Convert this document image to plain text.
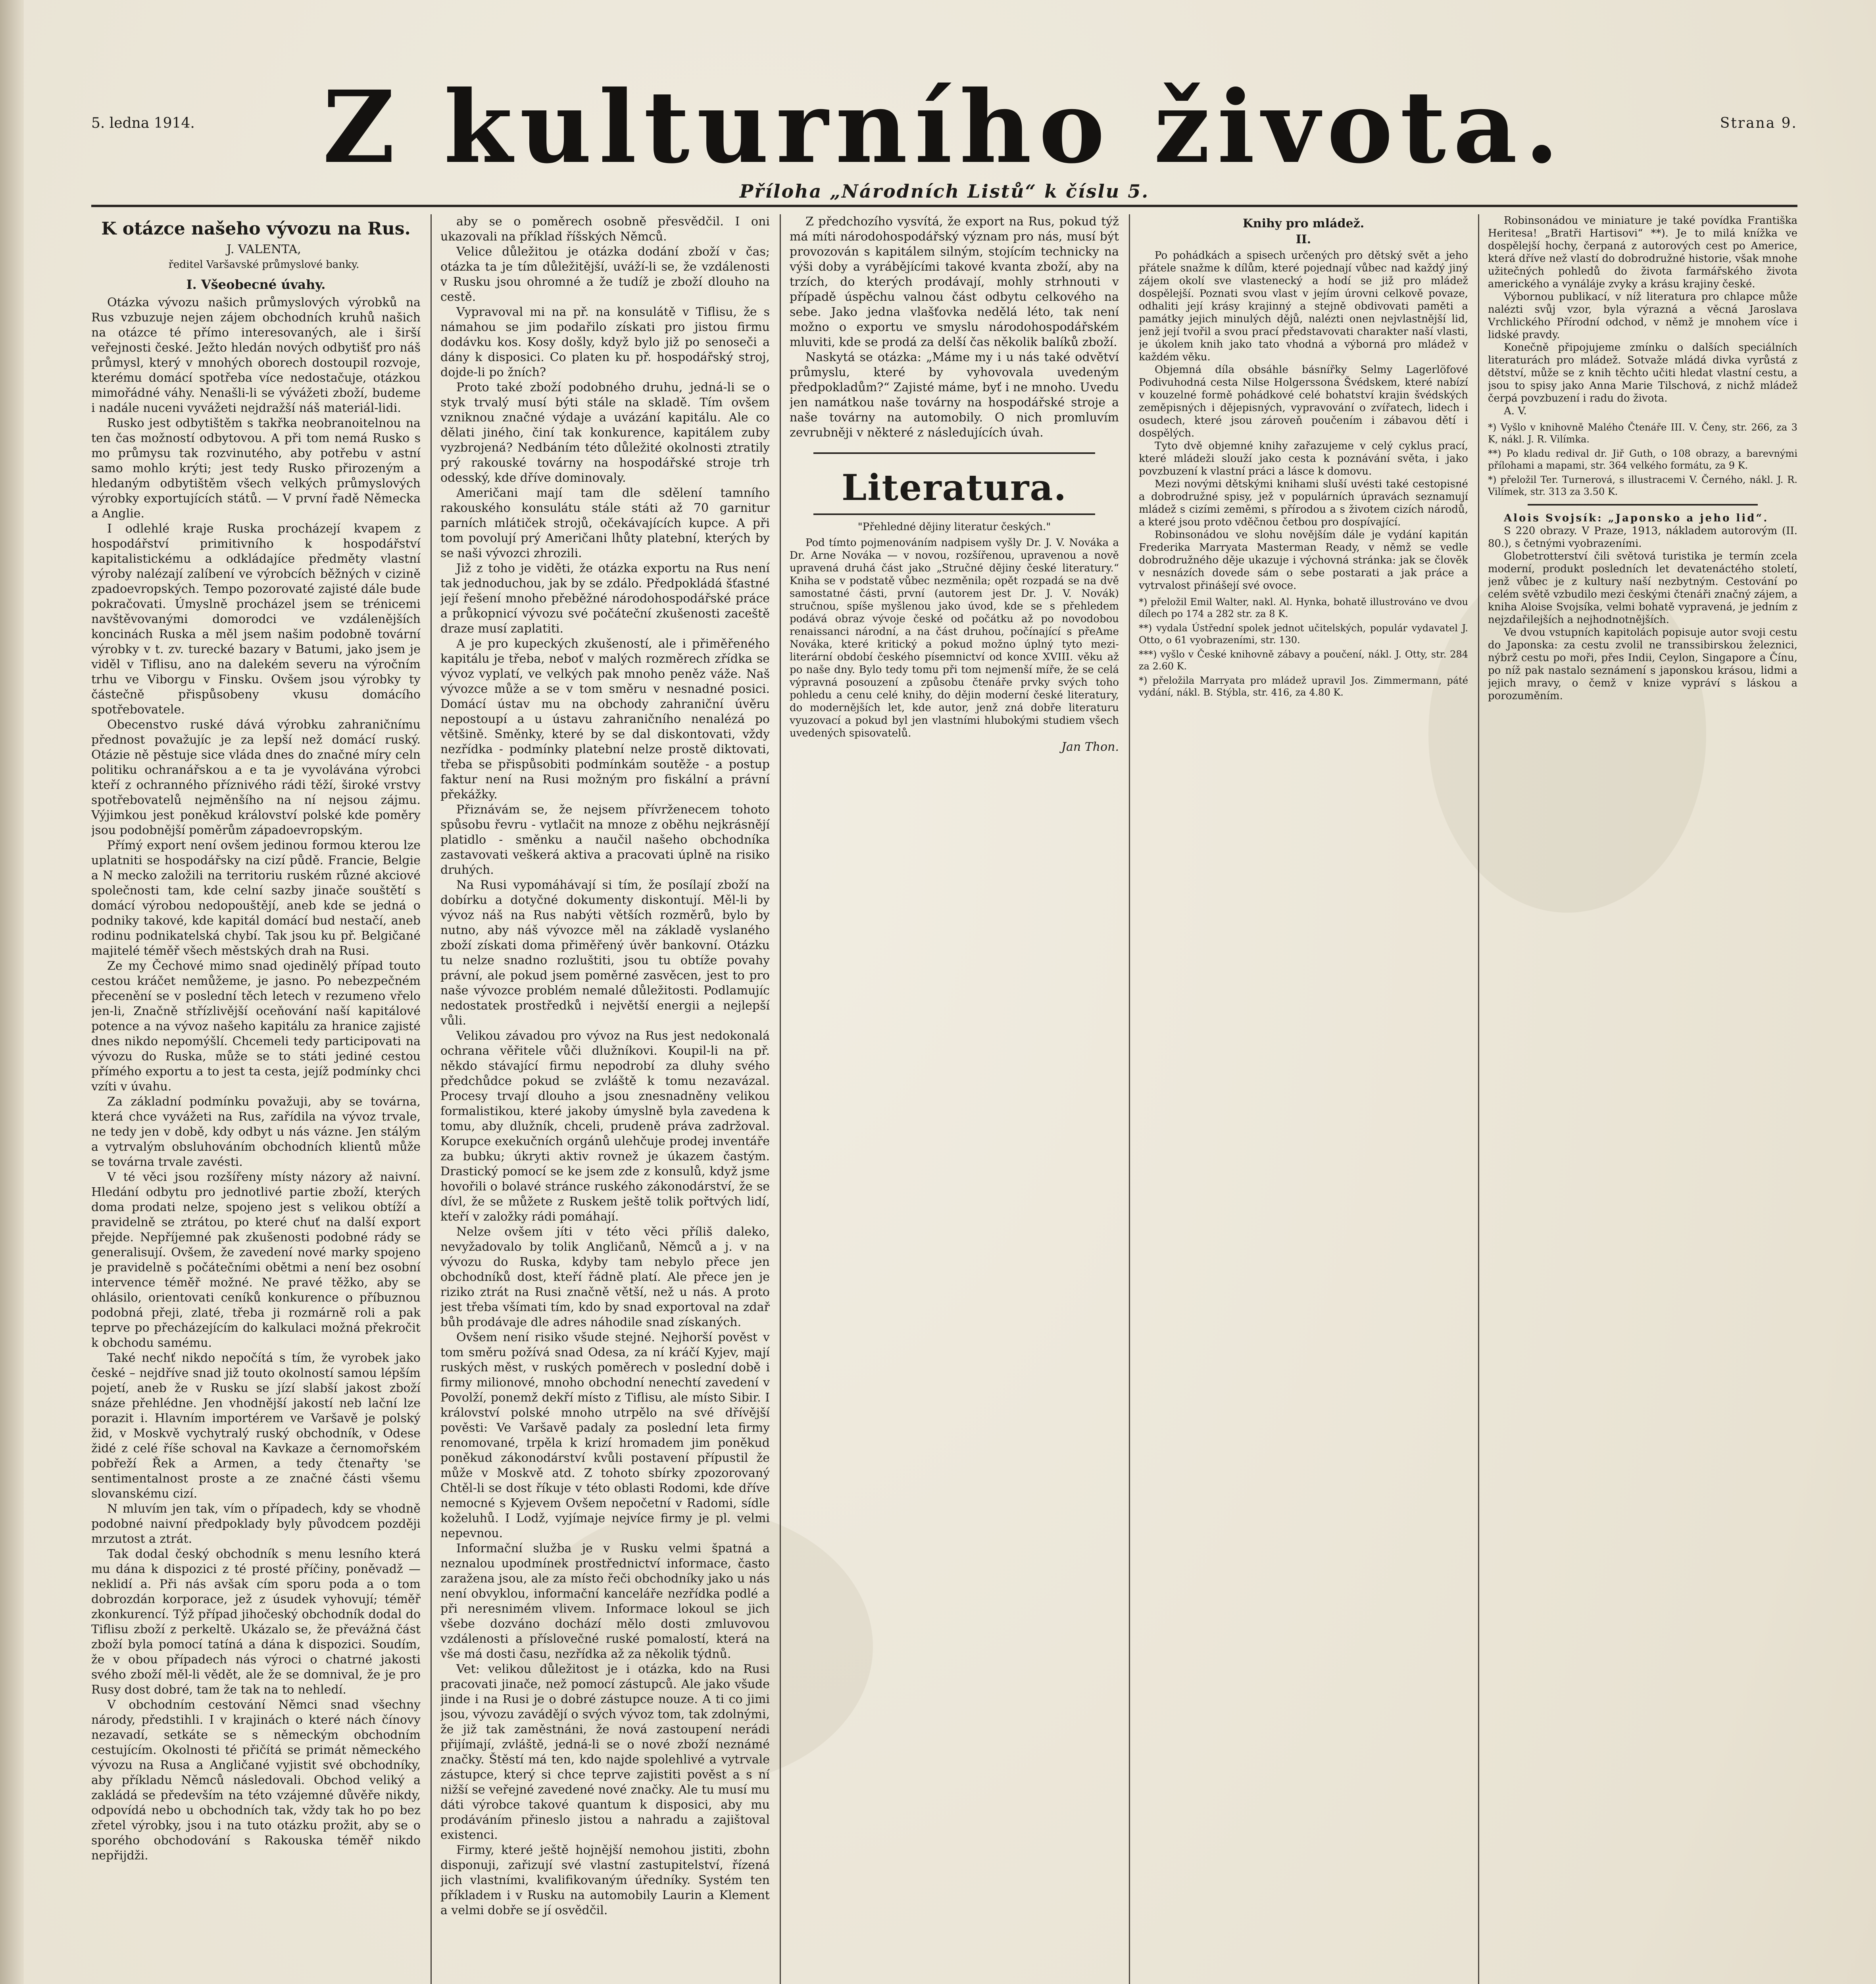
5. ledna 1914.	Z kulturního života.	Strana 9.
Příloha „Národních Listů“ k číslu 5.
K otázce našeho vývozu na Rus.

J. VALENTA,

ředitel Varšavské průmyslové banky.

I. Všeobecné úvahy.

Otázka vývozu našich průmyslových výrobků na Rus vzbuzuje nejen zájem obchodních kruhů našich na otázce té přímo interesovaných, ale i širší veřejnosti české. Ježto hledán nových odbytišť pro náš průmysl, který v mnohých oborech dostoupil rozvoje, kterému domácí spotřeba více nedostačuje, otázkou mimořádné váhy. Nenašli-li se vývážeti zboží, budeme i nadále nuceni vyvážeti nejdražší náš materiál-lidi.

Rusko jest odbytištěm s takřka neobranoitelnou na ten čas možností odbytovou. A při tom nemá Rusko s mo průmysu tak rozvinutého, aby potřebu v astní samo mohlo krýti; jest tedy Rusko přirozeným a hledaným odbytištěm všech velkých průmyslových výrobky exportujících států. — V první řadě Německa a Anglie.

I odlehlé kraje Ruska procházejí kvapem z hospodářství primitivního k hospodářství kapitalistickému a odkládajíce předměty vlastní výroby nalézají zalíbení ve výrobcích běžných v cizině zpadoevropských. Tempo pozorovaté zajisté dále bude pokračovati. Úmyslně procházel jsem se trénicemi navštěvovanými domorodci ve vzdálenějších koncinách Ruska a měl jsem našim podobně tovární výrobky v t. zv. turecké bazary v Batumi, jako jsem je viděl v Tiflisu, ano na dalekém severu na výročním trhu ve Viborgu v Finsku. Ovšem jsou výrobky ty částečně přispůsobeny vkusu domácího spotřebovatele.

Obecenstvo ruské dává výrobku zahraničnímu přednost považujíc je za lepší než domácí ruský. Otázie ně pěstuje sice vláda dnes do značné míry celn politiku ochranářskou a e ta je vyvolávána výrobci kteří z ochranného příznivého rádi těží, široké vrstvy spotřebovatelů nejměnšího na ní nejsou zájmu. Výjimkou jest poněkud království polské kde poměry jsou podobnější poměrům západoevropským.

Přímý export není ovšem jedinou formou kterou lze uplatniti se hospodářsky na cizí půdě. Francie, Belgie a N mecko založili na territoriu ruském různé akciové společnosti tam, kde celní sazby jinače souštětí s domácí výrobou nedopouštějí, aneb kde se jedná o podniky takové, kde kapitál domácí bud nestačí, aneb rodinu podnikatelská chybí. Tak jsou ku př. Belgičané majitelé téměř všech městských drah na Rusi.

Ze my Čechové mimo snad ojedinělý případ touto cestou kráčet nemůžeme, je jasno. Po nebezpečném přecenění se v poslední těch letech v rezumeno vřelo jen-li, Značně střízlivější oceňování naší kapitálové potence a na vývoz našeho kapitálu za hranice zajisté dnes nikdo nepomýšlí. Chcemeli tedy participovati na vývozu do Ruska, může se to státi jediné cestou přímého exportu a to jest ta cesta, jejíž podmínky chci vzíti v úvahu.

Za základní podmínku považuji, aby se továrna, která chce vyvážeti na Rus, zařídila na vývoz trvale, ne tedy jen v době, kdy odbyt u nás vázne. Jen stálým a vytrvalým obsluhováním obchodních klientů může se továrna trvale zavésti.

V té věci jsou rozšířeny místy názory až naivní. Hledání odbytu pro jednotlivé partie zboží, kterých doma prodati nelze, spojeno jest s velikou obtíží a pravidelně se ztrátou, po které chuť na další export přejde. Nepříjemné pak zkušenosti podobné rády se generalisují. Ovšem, že zavedení nové marky spojeno je pravidelně s počátečními obětmi a není bez osobní intervence téměř možné. Ne pravé těžko, aby se ohlásilo, orientovati ceníků konkurence o příbuznou podobná přeji, zlaté, třeba ji rozmárně roli a pak teprve po přecházejícím do kalkulaci možná překročit k obchodu samému.

Také nechť nikdo nepočítá s tím, že vyrobek jako české – nejdříve snad již touto okolností samou lépším pojetí, aneb že v Rusku se jízí slabší jakost zboží snáze přehlédne. Jen vhodnější jakostí neb lační lze porazit i. Hlavním importérem ve Varšavě je polský žid, v Moskvě vychytralý ruský obchodník, v Odese židé z celé říše schoval na Kavkaze a černomořském pobřeží Řek a Armen, a tedy čtenařty 'se sentimentalnost proste a ze značné části všemu slovanskému cizí.

N mluvím jen tak, vím o případech, kdy se vhodně podobné naivní předpoklady byly původcem později mrzutost a ztrát.

Tak dodal český obchodník s menu lesního která mu dána k dispozici z té prosté příčiny, poněvadž — neklidí a. Při nás avšak cím sporu poda a o tom dobrozdán korporace, jež z úsudek vyhovují; téměř zkonkurencí. Týž případ jihočeský obchodník dodal do Tiflisu zboží z perkeltě. Ukázalo se, že převážná část zboží byla pomocí tatíná a dána k dispozici. Soudím, že v obou případech nás výroci o chatrné jakosti svého zboží měl-li vědět, ale že se domnival, že je pro Rusy dost dobré, tam že tak na to nehledí.

V obchodním cestování Němci snad všechny národy, předstihli. I v krajinách o které nách čínovy nezavadí, setkáte se s německým obchodním cestujícím. Okolnosti té přičítá se primát německého vývozu na Rusa a Angličané vyjistit své obchodníky, aby příkladu Němců následovali. Obchod veliký a zakládá se především na této vzájemné důvěře nikdy, odpovídá nebo u obchodních tak, vždy tak ho po bez zřetel výrobky, jsou i na tuto otázku prožit, aby se o sporého obchodování s Rakouska téměř nikdo nepřijdži.

aby se o poměrech osobně přesvědčil. I oni ukazovali na příklad říšských Němců.

Velice důležitou je otázka dodání zboží v čas; otázka ta je tím důležitější, uváží-li se, že vzdálenosti v Rusku jsou ohromné a že tudíž je zboží dlouho na cestě.

Vypravoval mi na př. na konsulátě v Tiflisu, že s námahou se jim podařilo získati pro jistou firmu dodávku kos. Kosy došly, když bylo již po senoseči a dány k disposici. Co platen ku př. hospodářský stroj, dojde-li po žních?

Proto také zboží podobného druhu, jedná-li se o styk trvalý musí býti stále na skladě. Tím ovšem vzniknou značné výdaje a uvázání kapitálu. Ale co dělati jiného, činí tak konkurence, kapitálem zuby vyzbrojená? Nedbáním této důležité okolnosti ztratily prý rakouské továrny na hospodářské stroje trh odesský, kde dříve dominovaly.

Američani mají tam dle sdělení tamního rakouského konsulátu stále státi až 70 garnitur parních mlátiček strojů, očekávajících kupce. A při tom povolují prý Američani lhůty platební, kterých by se naši vývozci zhrozili.

Již z toho je viděti, že otázka exportu na Rus není tak jednoduchou, jak by se zdálo. Předpokládá šťastné její řešení mnoho přeběžné národohospodářské práce a průkopnicí vývozu své počáteční zkušenosti zaceště draze musí zaplatiti.

A je pro kupeckých zkušeností, ale i přiměřeného kapitálu je třeba, neboť v malých rozměrech zřídka se vývoz vyplatí, ve velkých pak mnoho peněz váže. Naš vývozce může a se v tom směru v nesnadné posici. Domácí ústav mu na obchody zahraniční úvěru nepostoupí a u ústavu zahraničního nenalézá po většině. Směnky, které by se dal diskontovati, vždy nezřídka - podmínky platební nelze prostě diktovati, třeba se přispůsobiti podmínkám soutěže - a postup faktur není na Rusi možným pro fiskální a právní překážky.

Přiznávám se, že nejsem přívrženecem tohoto spůsobu řevru - vytlačit na mnoze z oběhu nejkrásnějí platidlo - směnku a naučil našeho obchodníka zastavovati veškerá aktiva a pracovati úplně na risiko druhých.

Na Rusi vypomáhávají si tím, že posílají zboží na dobírku a dotyčné dokumenty diskontují. Měl-li by vývoz náš na Rus nabýti větších rozměrů, bylo by nutno, aby náš vývozce měl na základě vyslaného zboží získati doma přiměřený úvěr bankovní. Otázku tu nelze snadno rozluštiti, jsou tu obtíže povahy právní, ale pokud jsem poměrné zasvěcen, jest to pro naše vývozce problém nemalé důležitosti. Podlamujíc nedostatek prostředků i největší energii a nejlepší vůli.

Velikou závadou pro vývoz na Rus jest nedokonalá ochrana věřitele vůči dlužníkovi. Koupil-li na př. někdo stávající firmu nepodrobí za dluhy svého předchůdce pokud se zvláště k tomu nezavázal. Procesy trvají dlouho a jsou znesnadněny velikou formalistikou, které jakoby úmyslně byla zavedena k tomu, aby dlužník, chceli, prudeně práva zadržoval. Korupce exekučních orgánů ulehčuje prodej inventáře za bubku; úkryti aktiv rovnež je úkazem častým. Drastický pomocí se ke jsem zde z konsulů, když jsme hovořili o bolavé stránce ruského zákonodárství, že se dívl, že se můžete z Ruskem ještě tolik pořtvých lidí, kteří v založky rádi pomáhají.

Nelze ovšem jíti v této věci příliš daleko, nevyžadovalo by tolik Angličanů, Němců a j. v na vývozu do Ruska, kdyby tam nebylo přece jen obchodníků dost, kteří řádně platí. Ale přece jen je riziko ztrát na Rusi značně větší, než u nás. A proto jest třeba všímati tím, kdo by snad exportoval na zdař bůh prodávaje dle adres náhodile snad získaných.

Ovšem není risiko všude stejné. Nejhorší pověst v tom směru požívá snad Odesa, za ní kráčí Kyjev, mají ruských měst, v ruských poměrech v poslední době i firmy milionové, mnoho obchodní nenechtí zavedení v Povolží, ponemž dekří místo z Tiflisu, ale místo Sibir. I království polské mnoho utrpělo na své dřívější pověsti: Ve Varšavě padaly za poslední leta firmy renomované, trpěla k krizí hromadem jim poněkud poněkud zákonodárství kvůli postavení přípustil že může v Moskvě atd. Z tohoto sbírky zpozorovaný Chtěl-li se dost říkuje v této oblasti Rodomi, kde dříve nemocné s Kyjevem Ovšem nepočetní v Radomi, sídle koželuhů. I Lodž, vyjímaje nejvíce firmy je pl. velmi nepevnou.

Informační služba je v Rusku velmi špatná a neznalou upodmínek prostřednictví informace, často zaražena jsou, ale za místo řeči obchodníky jako u nás není obvyklou, informační kanceláře nezřídka podlé a při neresnimém vlivem. Informace lokoul se jich všebe dozváno dochází mělo dosti zmluvovou vzdálenosti a příslovečné ruské pomalostí, která na vše má dosti času, nezřídka až za několik týdnů.

Vet: velikou důležitost je i otázka, kdo na Rusi pracovati jinače, než pomocí zástupců. Ale jako všude jinde i na Rusi je o dobré zástupce nouze. A ti co jimi jsou, vývozu zavádějí o svých vývoz tom, tak zdolnými, že již tak zaměstnáni, že nová zastoupení nerádi přijímají, zvláště, jedná-li se o nové zboží neznámé značky. Štěstí má ten, kdo najde spolehlivé a vytrvale zástupce, který si chce teprve zajistiti pověst a s ní nižší se veřejné zavedené nové značky. Ale tu musí mu dáti výrobce takové quantum k disposici, aby mu prodáváním přineslo jistou a nahradu a zajištoval existenci.

Firmy, které ještě hojnější nemohou jistiti, zbohn disponuji, zařizují své vlastní zastupitelství, řízená jich vlastními, kvalifikovaným úředníky. Systém ten příkladem i v Rusku na automobily Laurin a Klement a velmi dobře se jí osvědčil.

Z předchozího vysvítá, že export na Rus, pokud týž má míti národohospodářský význam pro nás, musí být provozován s kapitálem silným, stojícím technicky na výši doby a vyrábějícími takové kvanta zboží, aby na trzích, do kterých prodávají, mohly strhnouti v případě úspěchu valnou část odbytu celkového na sebe. Jako jedna vlašťovka nedělá léto, tak není možno o exportu ve smyslu národohospodářském mluviti, kde se prodá za delší čas několik balíků zboží.

Naskytá se otázka: „Máme my i u nás také odvětví průmyslu, které by vyhovovala uvedeným předpokladům?“ Zajisté máme, byť i ne mnoho. Uvedu jen namátkou naše továrny na hospodářské stroje a naše továrny na automobily. O nich promluvím zevrubněji v některé z následujících úvah.

Literatura.

"Přehledné dějiny literatur českých."

Pod tímto pojmenováním nadpisem vyšly Dr. J. V. Nováka a Dr. Arne Nováka — v novou, rozšířenou, upravenou a nově upravená druhá část jako „Stručné dějiny české literatury.“ Kniha se v podstatě vůbec nezměnila; opět rozpadá se na dvě samostatné části, první (autorem jest Dr. J. V. Novák) stručnou, spíše myšlenou jako úvod, kde se s přehledem podává obraz vývoje české od počátku až po novodobou renaissanci národní, a na část druhou, počínající s přeAme Nováka, které kritický a pokud možno úplný tyto mezi-literární období českého písemnictví od konce XVIII. věku až po naše dny. Bylo tedy tomu při tom nejmenší míře, že se celá výpravná posouzení a způsobu čtenáře prvky svých toho pohledu a cenu celé knihy, do dějin moderní české literatury, do modernějších let, kde autor, jenž zná dobře literaturu vyuzovací a pokud byl jen vlastními hlubokými studiem všech uvedených spisovatelů.

Jan Thon.

Knihy pro mládež.
II.

Po pohádkách a spisech určených pro dětský svět a jeho přátele snažme k dílům, které pojednají vůbec nad každý jiný zájem okolí sve vlastenecký a hodí se již pro mládež dospělejší. Poznati svou vlast v jejím úrovni celkově povaze, odhaliti její krásy krajinný a stejně obdivovati paměti a památky jejich minulých dějů, nalézti onen nejvlastnější lid, jenž její tvořil a svou prací představovati charakter naší vlasti, je úkolem knih jako tato vhodná a výborná pro mládež v každém věku.

Objemná díla obsáhle básnířky Selmy Lagerlöfové Podivuhodná cesta Nilse Holgerssona Švédskem, které nabízí v kouzelné formě pohádkové celé bohatství krajin švédských zeměpisných i dějepisných, vypravování o zvířatech, lidech i osudech, které jsou zároveň poučením i zábavou dětí i dospělých.

Tyto dvě objemné knihy zařazujeme v celý cyklus prací, které mládeži slouží jako cesta k poznávání světa, i jako povzbuzení k vlastní práci a lásce k domovu.

Mezi novými dětskými knihami sluší uvésti také cestopisné a dobrodružné spisy, jež v populárních úpravách seznamují mládež s cizími zeměmi, s přírodou a s životem cizích národů, a které jsou proto vděčnou četbou pro dospívající.

Robinsonádou ve slohu novějším dále je vydání kapitán Frederika Marryata Masterman Ready, v němž se vedle dobrodružného děje ukazuje i výchovná stránka: jak se člověk v nesnázích dovede sám o sebe postarati a jak práce a vytrvalost přinášejí své ovoce.

*) přeložil Emil Walter, nakl. Al. Hynka, bohatě illustrováno ve dvou dílech po 174 a 282 str. za 8 K.

**) vydala Ústřední spolek jednot učitelských, populár vydavatel J. Otto, o 61 vyobrazeními, str. 130.

***) vyšlo v České knihovně zábavy a poučení, nákl. J. Otty, str. 284 za 2.60 K.

*) přeložila Marryata pro mládež upravil Jos. Zimmermann, páté vydání, nákl. B. Stýbla, str. 416, za 4.80 K.

Robinsonádou ve miniature je také povídka Františka Heritesa! „Bratři Hartisovi“ **). Je to milá knížka ve dospělejší hochy, čerpaná z autorových cest po Americe, která dříve než vlastí do dobrodružné historie, však mnohe užitečných pohledů do života farmářského života amerického a vynáláje zvyky a krásu krajiny české.

Výbornou publikací, v níž literatura pro chlapce může nalézti svůj vzor, byla výrazná a věcná Jaroslava Vrchlického Přírodní odchod, v němž je mnohem více i lidské pravdy.

Konečně připojujeme zmínku o dalších speciálních literaturách pro mládež. Sotvaže mládá divka vyrůstá z dětství, může se z knih těchto učiti hledat vlastní cestu, a jsou to spisy jako Anna Marie Tilschová, z nichž mládež čerpá povzbuzení i radu do života.

A. V.

*) Vyšlo v knihovně Malého Čtenáře III. V. Čeny, str. 266, za 3 K, nákl. J. R. Vilímka.

**) Po kladu redival dr. Jiř Guth, o 108 obrazy, a barevnými přílohami a mapami, str. 364 velkého formátu, za 9 K.

*) přeložil Ter. Turnerová, s illustracemi V. Černého, nákl. J. R. Vilímek, str. 313 za 3.50 K.

Alois Svojsík: „Japonsko a jeho lid“.

S 220 obrazy. V Praze, 1913, nákladem autorovým (II. 80.), s četnými vyobrazeními.

Globetrotterství čili světová turistika je termín zcela moderní, produkt posledních let devatenáctého století, jenž vůbec je z kultury naší nezbytným. Cestování po celém světě vzbudilo mezi českými čtenáři značný zájem, a kniha Aloise Svojsíka, velmi bohatě vypravená, je jedním z nejzdařilejších a nejhodnotnějších.

Ve dvou vstupních kapitolách popisuje autor svoji cestu do Japonska: za cestu zvolil ne transsibirskou železnici, nýbrž cestu po moři, přes Indii, Ceylon, Singapore a Čínu, po níž pak nastalo seznámení s japonskou krásou, lidmi a jejich mravy, o čemž v knize vypráví s láskou a porozuměním.
